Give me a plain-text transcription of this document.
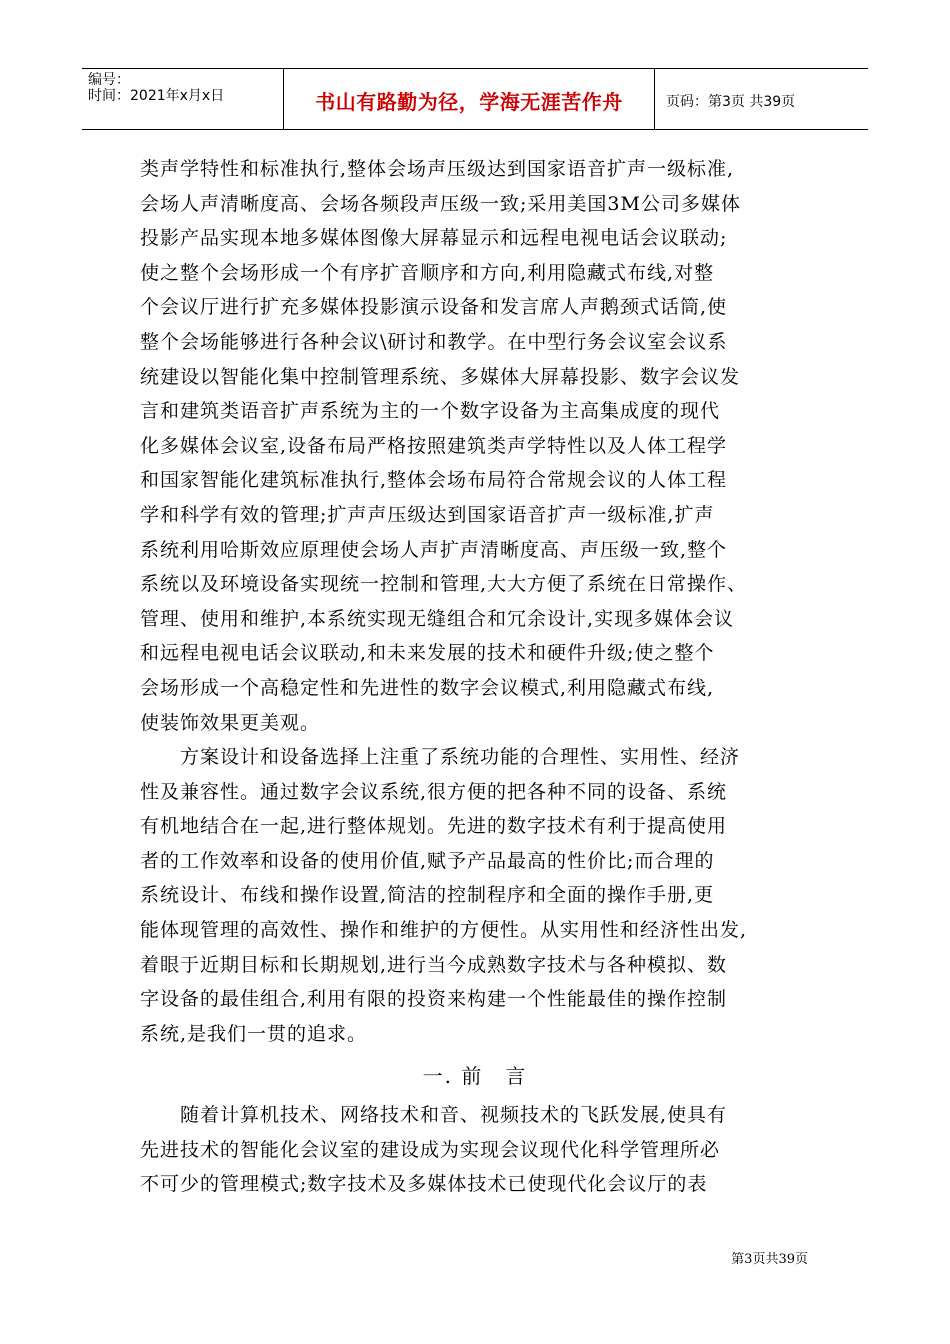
编号：
时间：2021年x月x日	书山有路勤为径，学海无涯苦作舟	页码：第3页 共39页

类声学特性和标准执行,整体会场声压级达到国家语音扩声一级标准,
会场人声清晰度高、会场各频段声压级一致;采用美国3M公司多媒体
投影产品实现本地多媒体图像大屏幕显示和远程电视电话会议联动;
使之整个会场形成一个有序扩音顺序和方向,利用隐藏式布线,对整
个会议厅进行扩充多媒体投影演示设备和发言席人声鹅颈式话筒,使
整个会场能够进行各种会议\研讨和教学。在中型行务会议室会议系
统建设以智能化集中控制管理系统、多媒体大屏幕投影、数字会议发
言和建筑类语音扩声系统为主的一个数字设备为主高集成度的现代
化多媒体会议室,设备布局严格按照建筑类声学特性以及人体工程学
和国家智能化建筑标准执行,整体会场布局符合常规会议的人体工程
学和科学有效的管理;扩声声压级达到国家语音扩声一级标准,扩声
系统利用哈斯效应原理使会场人声扩声清晰度高、声压级一致,整个
系统以及环境设备实现统一控制和管理,大大方便了系统在日常操作、
管理、使用和维护,本系统实现无缝组合和冗余设计,实现多媒体会议
和远程电视电话会议联动,和未来发展的技术和硬件升级;使之整个
会场形成一个高稳定性和先进性的数字会议模式,利用隐藏式布线,
使装饰效果更美观。

　　方案设计和设备选择上注重了系统功能的合理性、实用性、经济
性及兼容性。通过数字会议系统,很方便的把各种不同的设备、系统
有机地结合在一起,进行整体规划。先进的数字技术有利于提高使用
者的工作效率和设备的使用价值,赋予产品最高的性价比;而合理的
系统设计、布线和操作设置,简洁的控制程序和全面的操作手册,更
能体现管理的高效性、操作和维护的方便性。从实用性和经济性出发,
着眼于近期目标和长期规划,进行当今成熟数字技术与各种模拟、数
字设备的最佳组合,利用有限的投资来构建一个性能最佳的操作控制
系统,是我们一贯的追求。

一. 前　言

　　随着计算机技术、网络技术和音、视频技术的飞跃发展,使具有
先进技术的智能化会议室的建设成为实现会议现代化科学管理所必
不可少的管理模式;数字技术及多媒体技术已使现代化会议厅的表

第3页共39页
